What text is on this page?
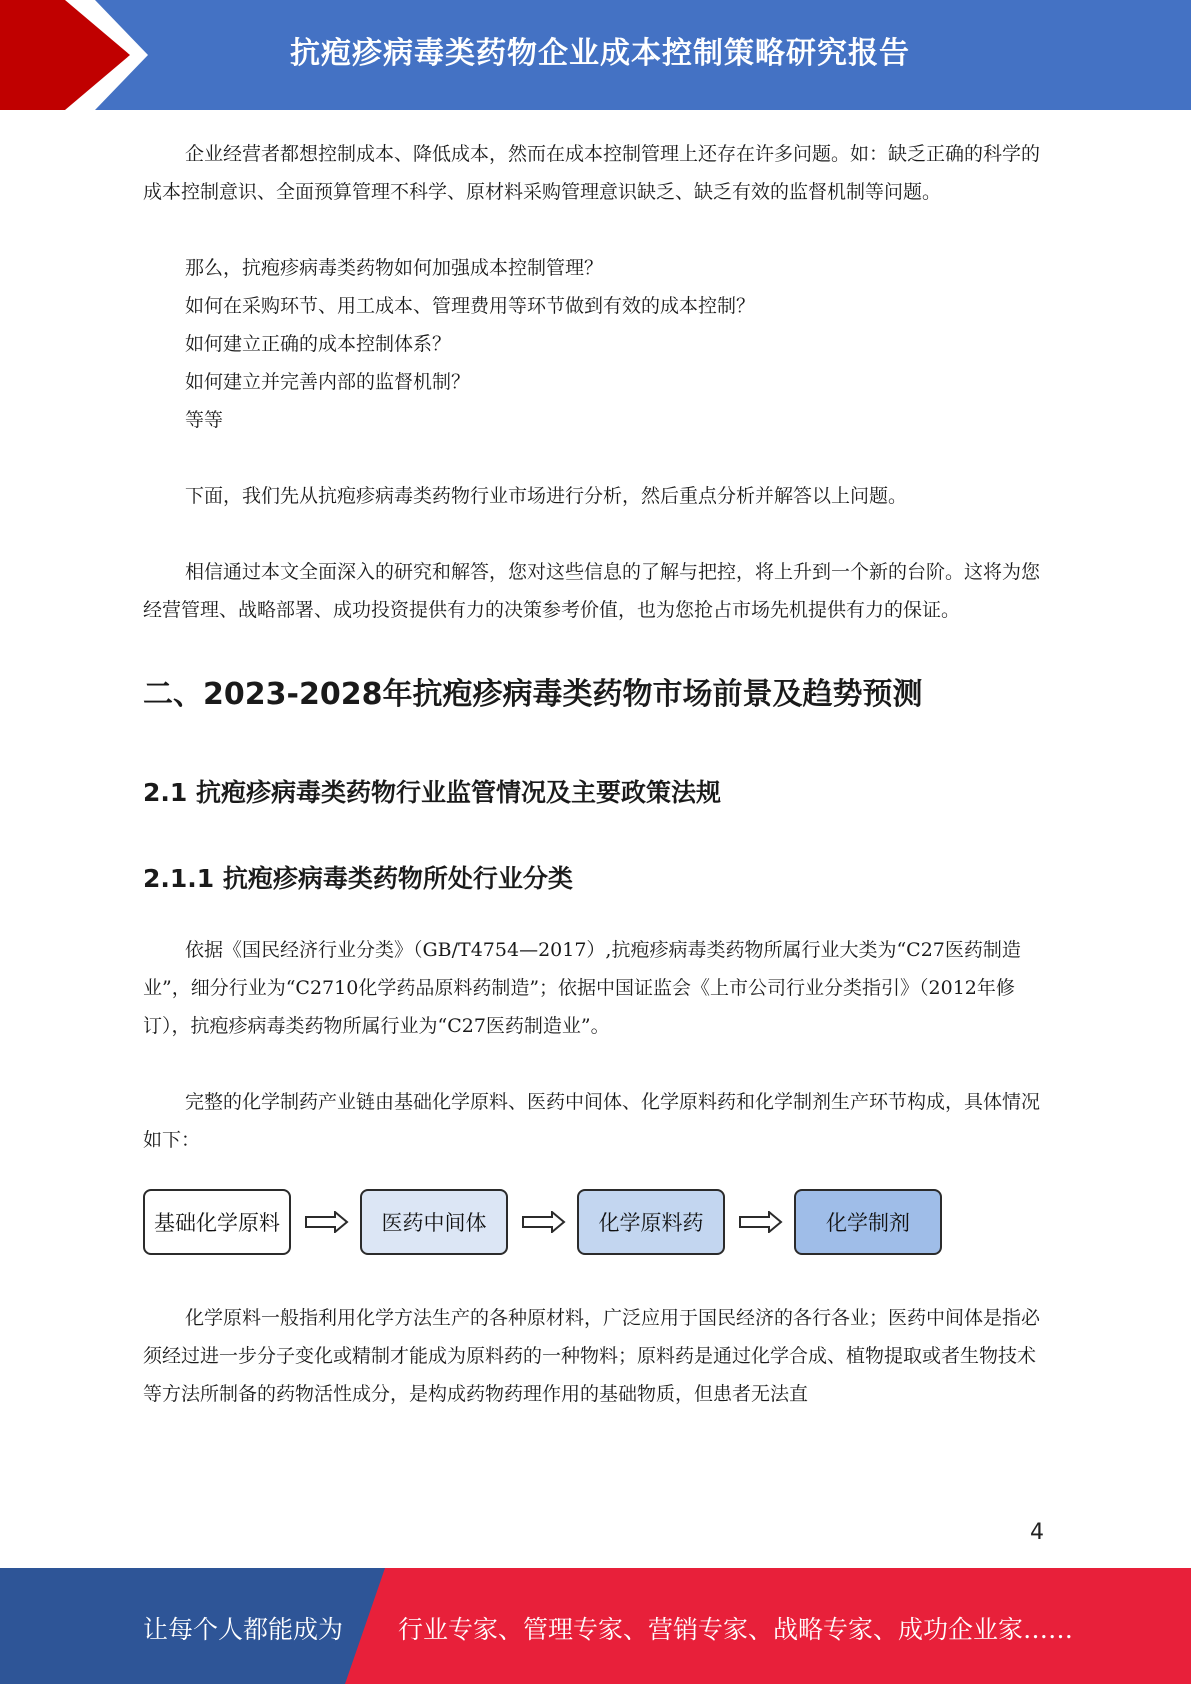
抗疱疹病毒类药物企业成本控制策略研究报告

企业经营者都想控制成本、降低成本，然而在成本控制管理上还存在许多问题。如：缺乏正确的科学的成本控制意识、全面预算管理不科学、原材料采购管理意识缺乏、缺乏有效的监督机制等问题。

那么，抗疱疹病毒类药物如何加强成本控制管理？
如何在采购环节、用工成本、管理费用等环节做到有效的成本控制？
如何建立正确的成本控制体系？
如何建立并完善内部的监督机制？
等等

下面，我们先从抗疱疹病毒类药物行业市场进行分析，然后重点分析并解答以上问题。

相信通过本文全面深入的研究和解答，您对这些信息的了解与把控，将上升到一个新的台阶。这将为您经营管理、战略部署、成功投资提供有力的决策参考价值，也为您抢占市场先机提供有力的保证。

二、2023-2028年抗疱疹病毒类药物市场前景及趋势预测
2.1 抗疱疹病毒类药物行业监管情况及主要政策法规
2.1.1 抗疱疹病毒类药物所处行业分类

依据《国民经济行业分类》（GB/T4754—2017）,抗疱疹病毒类药物所属行业大类为“C27医药制造业”，细分行业为“C2710化学药品原料药制造”；依据中国证监会《上市公司行业分类指引》（2012年修订），抗疱疹病毒类药物所属行业为“C27医药制造业”。

完整的化学制药产业链由基础化学原料、医药中间体、化学原料药和化学制剂生产环节构成，具体情况如下：

基础化学原料	医药中间体	化学原料药	化学制剂

化学原料一般指利用化学方法生产的各种原材料，广泛应用于国民经济的各行各业；医药中间体是指必须经过进一步分子变化或精制才能成为原料药的一种物料；原料药是通过化学合成、植物提取或者生物技术等方法所制备的药物活性成分，是构成药物药理作用的基础物质，但患者无法直

4
让每个人都能成为 行业专家、管理专家、营销专家、战略专家、成功企业家……
